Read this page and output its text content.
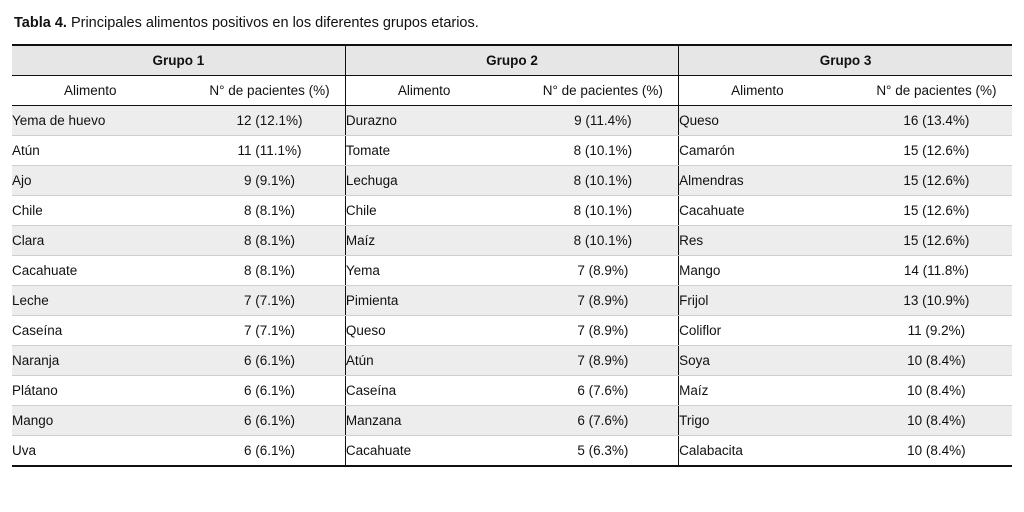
Tabla 4. Principales alimentos positivos en los diferentes grupos etarios.

Grupo 1		Grupo 2		Grupo 3	
Alimento	N° de pacientes (%)	Alimento	N° de pacientes (%)	Alimento	N° de pacientes (%)
Yema de huevo	12 (12.1%)	Durazno	9 (11.4%)	Queso	16 (13.4%)
Atún	11 (11.1%)	Tomate	8 (10.1%)	Camarón	15 (12.6%)
Ajo	9 (9.1%)	Lechuga	8 (10.1%)	Almendras	15 (12.6%)
Chile	8 (8.1%)	Chile	8 (10.1%)	Cacahuate	15 (12.6%)
Clara	8 (8.1%)	Maíz	8 (10.1%)	Res	15 (12.6%)
Cacahuate	8 (8.1%)	Yema	7 (8.9%)	Mango	14 (11.8%)
Leche	7 (7.1%)	Pimienta	7 (8.9%)	Frijol	13 (10.9%)
Caseína	7 (7.1%)	Queso	7 (8.9%)	Coliflor	11 (9.2%)
Naranja	6 (6.1%)	Atún	7 (8.9%)	Soya	10 (8.4%)
Plátano	6 (6.1%)	Caseína	6 (7.6%)	Maíz	10 (8.4%)
Mango	6 (6.1%)	Manzana	6 (7.6%)	Trigo	10 (8.4%)
Uva	6 (6.1%)	Cacahuate	5 (6.3%)	Calabacita	10 (8.4%)
